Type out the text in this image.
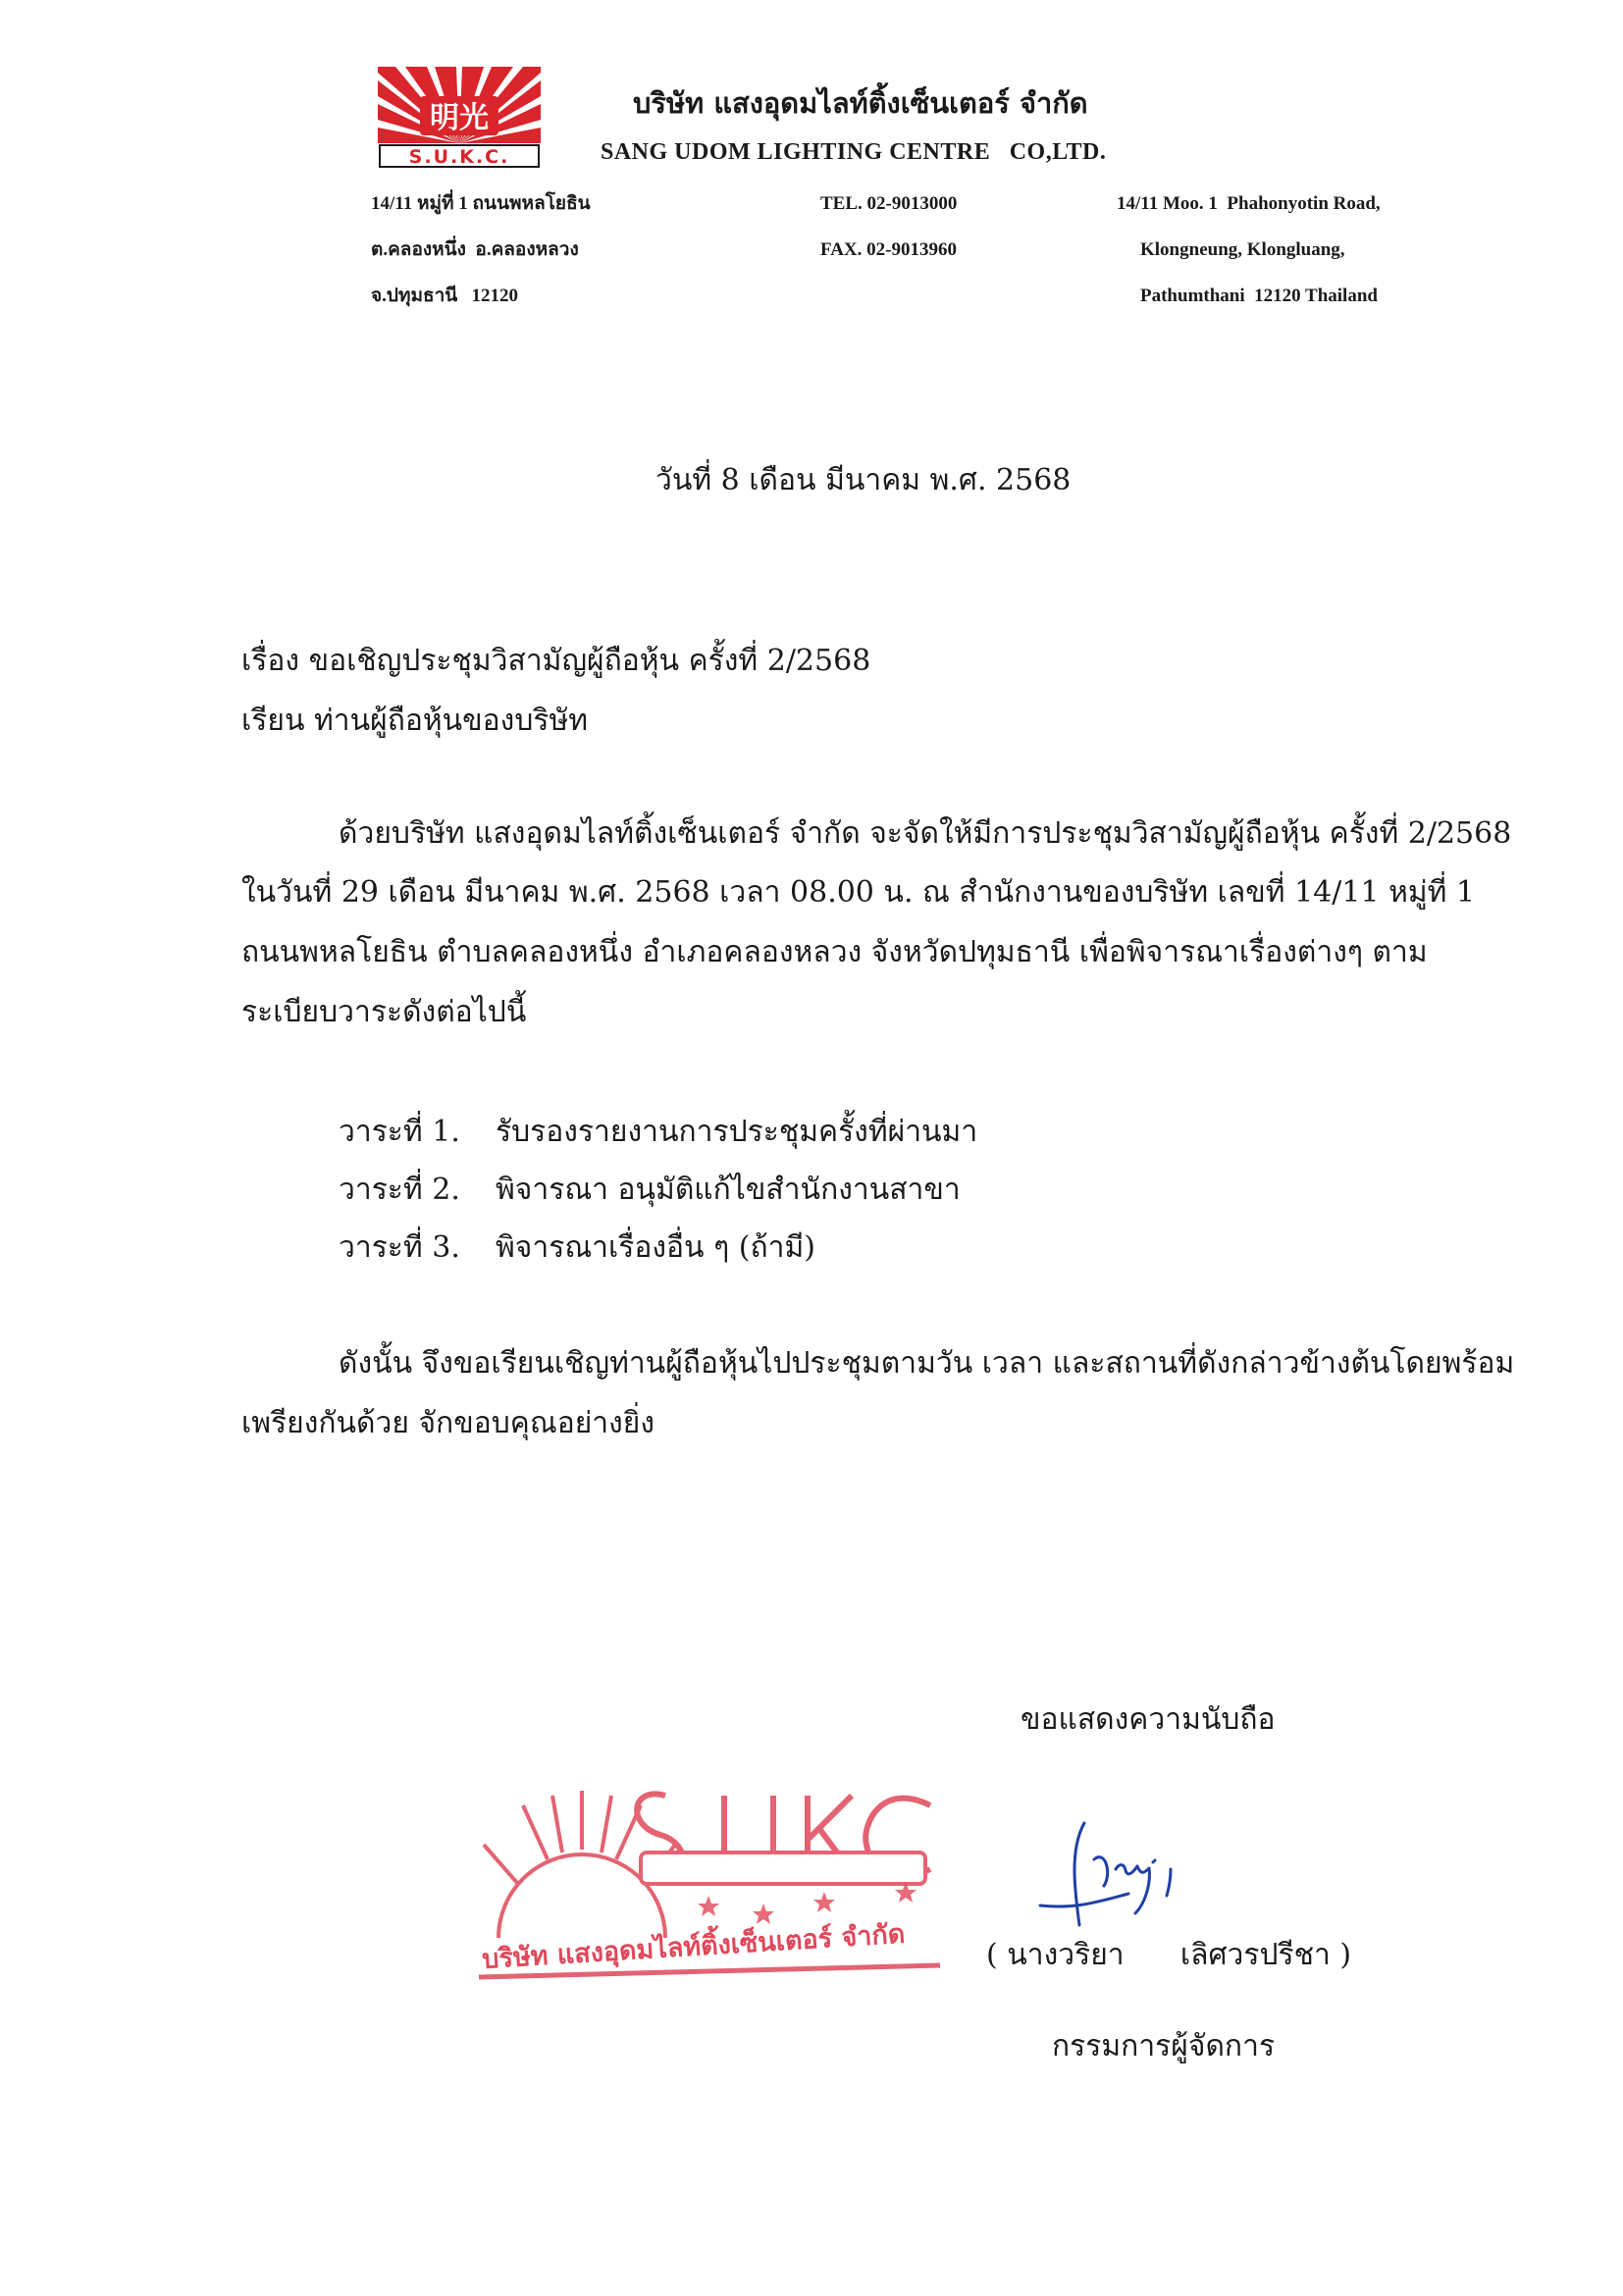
明光
S.U.K.C.
บริษัท แสงอุดมไลท์ติ้งเซ็นเตอร์ จำกัด
SANG UDOM LIGHTING CENTRE   CO,LTD.
14/11 หมู่ที่ 1 ถนนพหลโยธิน
ต.คลองหนึ่ง  อ.คลองหลวง
จ.ปทุมธานี   12120
TEL. 02-9013000
FAX. 02-9013960
14/11 Moo. 1  Phahonyotin Road,
Klongneung, Klongluang,
Pathumthani  12120 Thailand
วันที่ 8 เดือน มีนาคม พ.ศ. 2568
เรื่อง ขอเชิญประชุมวิสามัญผู้ถือหุ้น ครั้งที่ 2/2568
เรียน ท่านผู้ถือหุ้นของบริษัท
ด้วยบริษัท แสงอุดมไลท์ติ้งเซ็นเตอร์ จำกัด จะจัดให้มีการประชุมวิสามัญผู้ถือหุ้น ครั้งที่ 2/2568
ในวันที่ 29 เดือน มีนาคม พ.ศ. 2568 เวลา 08.00 น. ณ สำนักงานของบริษัท เลขที่ 14/11 หมู่ที่ 1
ถนนพหลโยธิน ตำบลคลองหนึ่ง อำเภอคลองหลวง จังหวัดปทุมธานี เพื่อพิจารณาเรื่องต่างๆ ตาม
ระเบียบวาระดังต่อไปนี้
วาระที่ 1. รับรองรายงานการประชุมครั้งที่ผ่านมา
วาระที่ 2. พิจารณา อนุมัติแก้ไขสำนักงานสาขา
วาระที่ 3. พิจารณาเรื่องอื่น ๆ (ถ้ามี)
ดังนั้น จึงขอเรียนเชิญท่านผู้ถือหุ้นไปประชุมตามวัน เวลา และสถานที่ดังกล่าวข้างต้นโดยพร้อม
เพรียงกันด้วย จักขอบคุณอย่างยิ่ง
ขอแสดงความนับถือ
บริษัท แสงอุดมไลท์ติ้งเซ็นเตอร์ จำกัด	( นางวริยา      เลิศวรปรีชา )
กรรมการผู้จัดการ
